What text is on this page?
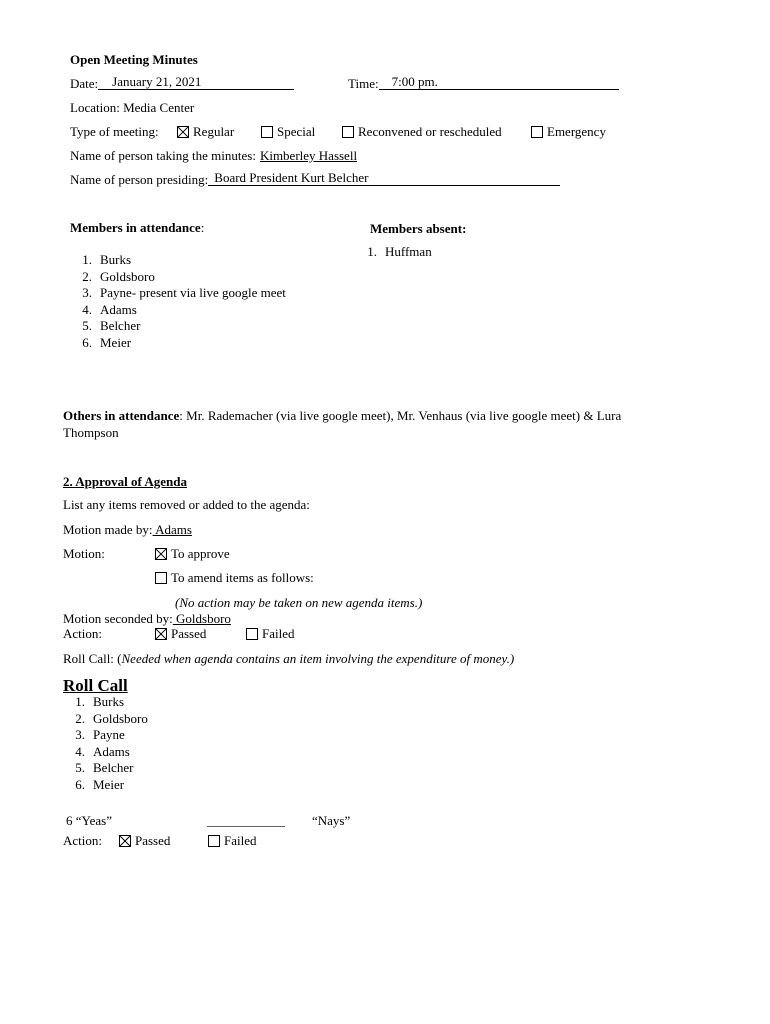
Open Meeting Minutes
Date: January 21, 2021	Time: 7:00 pm.
Location: Media Center
Type of meeting:	Regular	Special	Reconvened or rescheduled	Emergency
Name of person taking the minutes: Kimberley Hassell
Name of person presiding: Board President Kurt Belcher
Members in attendance:
1. Burks
2. Goldsboro
3. Payne- present via live google meet
4. Adams
5. Belcher
6. Meier
Members absent:
1. Huffman
Others in attendance: Mr. Rademacher (via live google meet), Mr. Venhaus (via live google meet) & Lura
Thompson
2. Approval of Agenda
List any items removed or added to the agenda:
Motion made by: Adams
Motion:	To approve
To amend items as follows:
(No action may be taken on new agenda items.)
Motion seconded by: Goldsboro
Action:	Passed	Failed
Roll Call: (Needed when agenda contains an item involving the expenditure of money.)
Roll Call
1. Burks
2. Goldsboro
3. Payne
4. Adams
5. Belcher
6. Meier
6 “Yeas”	____________ “Nays”
Action:	Passed	Failed
